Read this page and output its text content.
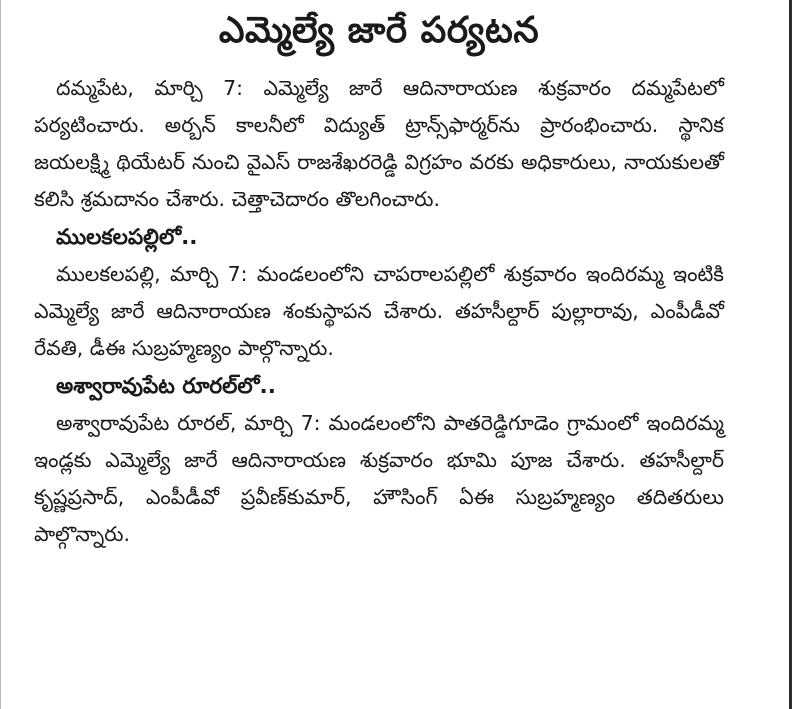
ఎమ్మెల్యే జారే పర్యటన

దమ్మపేట, మార్చి 7: ఎమ్మెల్యే జారే ఆదినారాయణ శుక్రవారం దమ్మపేటలో పర్యటించారు. అర్బన్ కాలనీలో విద్యుత్ ట్రాన్స్‌ఫార్మర్‌ను ప్రారంభించారు. స్థానిక జయలక్ష్మి థియేటర్ నుంచి వైఎస్ రాజశేఖరరెడ్డి విగ్రహం వరకు అధికారులు, నాయకులతో కలిసి శ్రమదానం చేశారు. చెత్తాచెదారం తొలగించారు.

ములకలపల్లిలో..

ములకలపల్లి, మార్చి 7: మండలంలోని చాపరాలపల్లిలో శుక్రవారం ఇందిరమ్మ ఇంటికి ఎమ్మెల్యే జారే ఆదినారాయణ శంకుస్థాపన చేశారు. తహసీల్దార్ పుల్లారావు, ఎంపీడీవో రేవతి, డీఈ సుబ్రహ్మణ్యం పాల్గొన్నారు.

అశ్వారావుపేట రూరల్‌లో..

అశ్వారావుపేట రూరల్, మార్చి 7: మండలంలోని పాతరెడ్డిగూడెం గ్రామంలో ఇందిరమ్మ ఇండ్లకు ఎమ్మెల్యే జారే ఆదినారాయణ శుక్రవారం భూమి పూజ చేశారు. తహసీల్దార్ కృష్ణప్రసాద్, ఎంపీడీవో ప్రవీణ్‌కుమార్, హౌసింగ్ ఏఈ సుబ్రహ్మణ్యం తదితరులు పాల్గొన్నారు.
